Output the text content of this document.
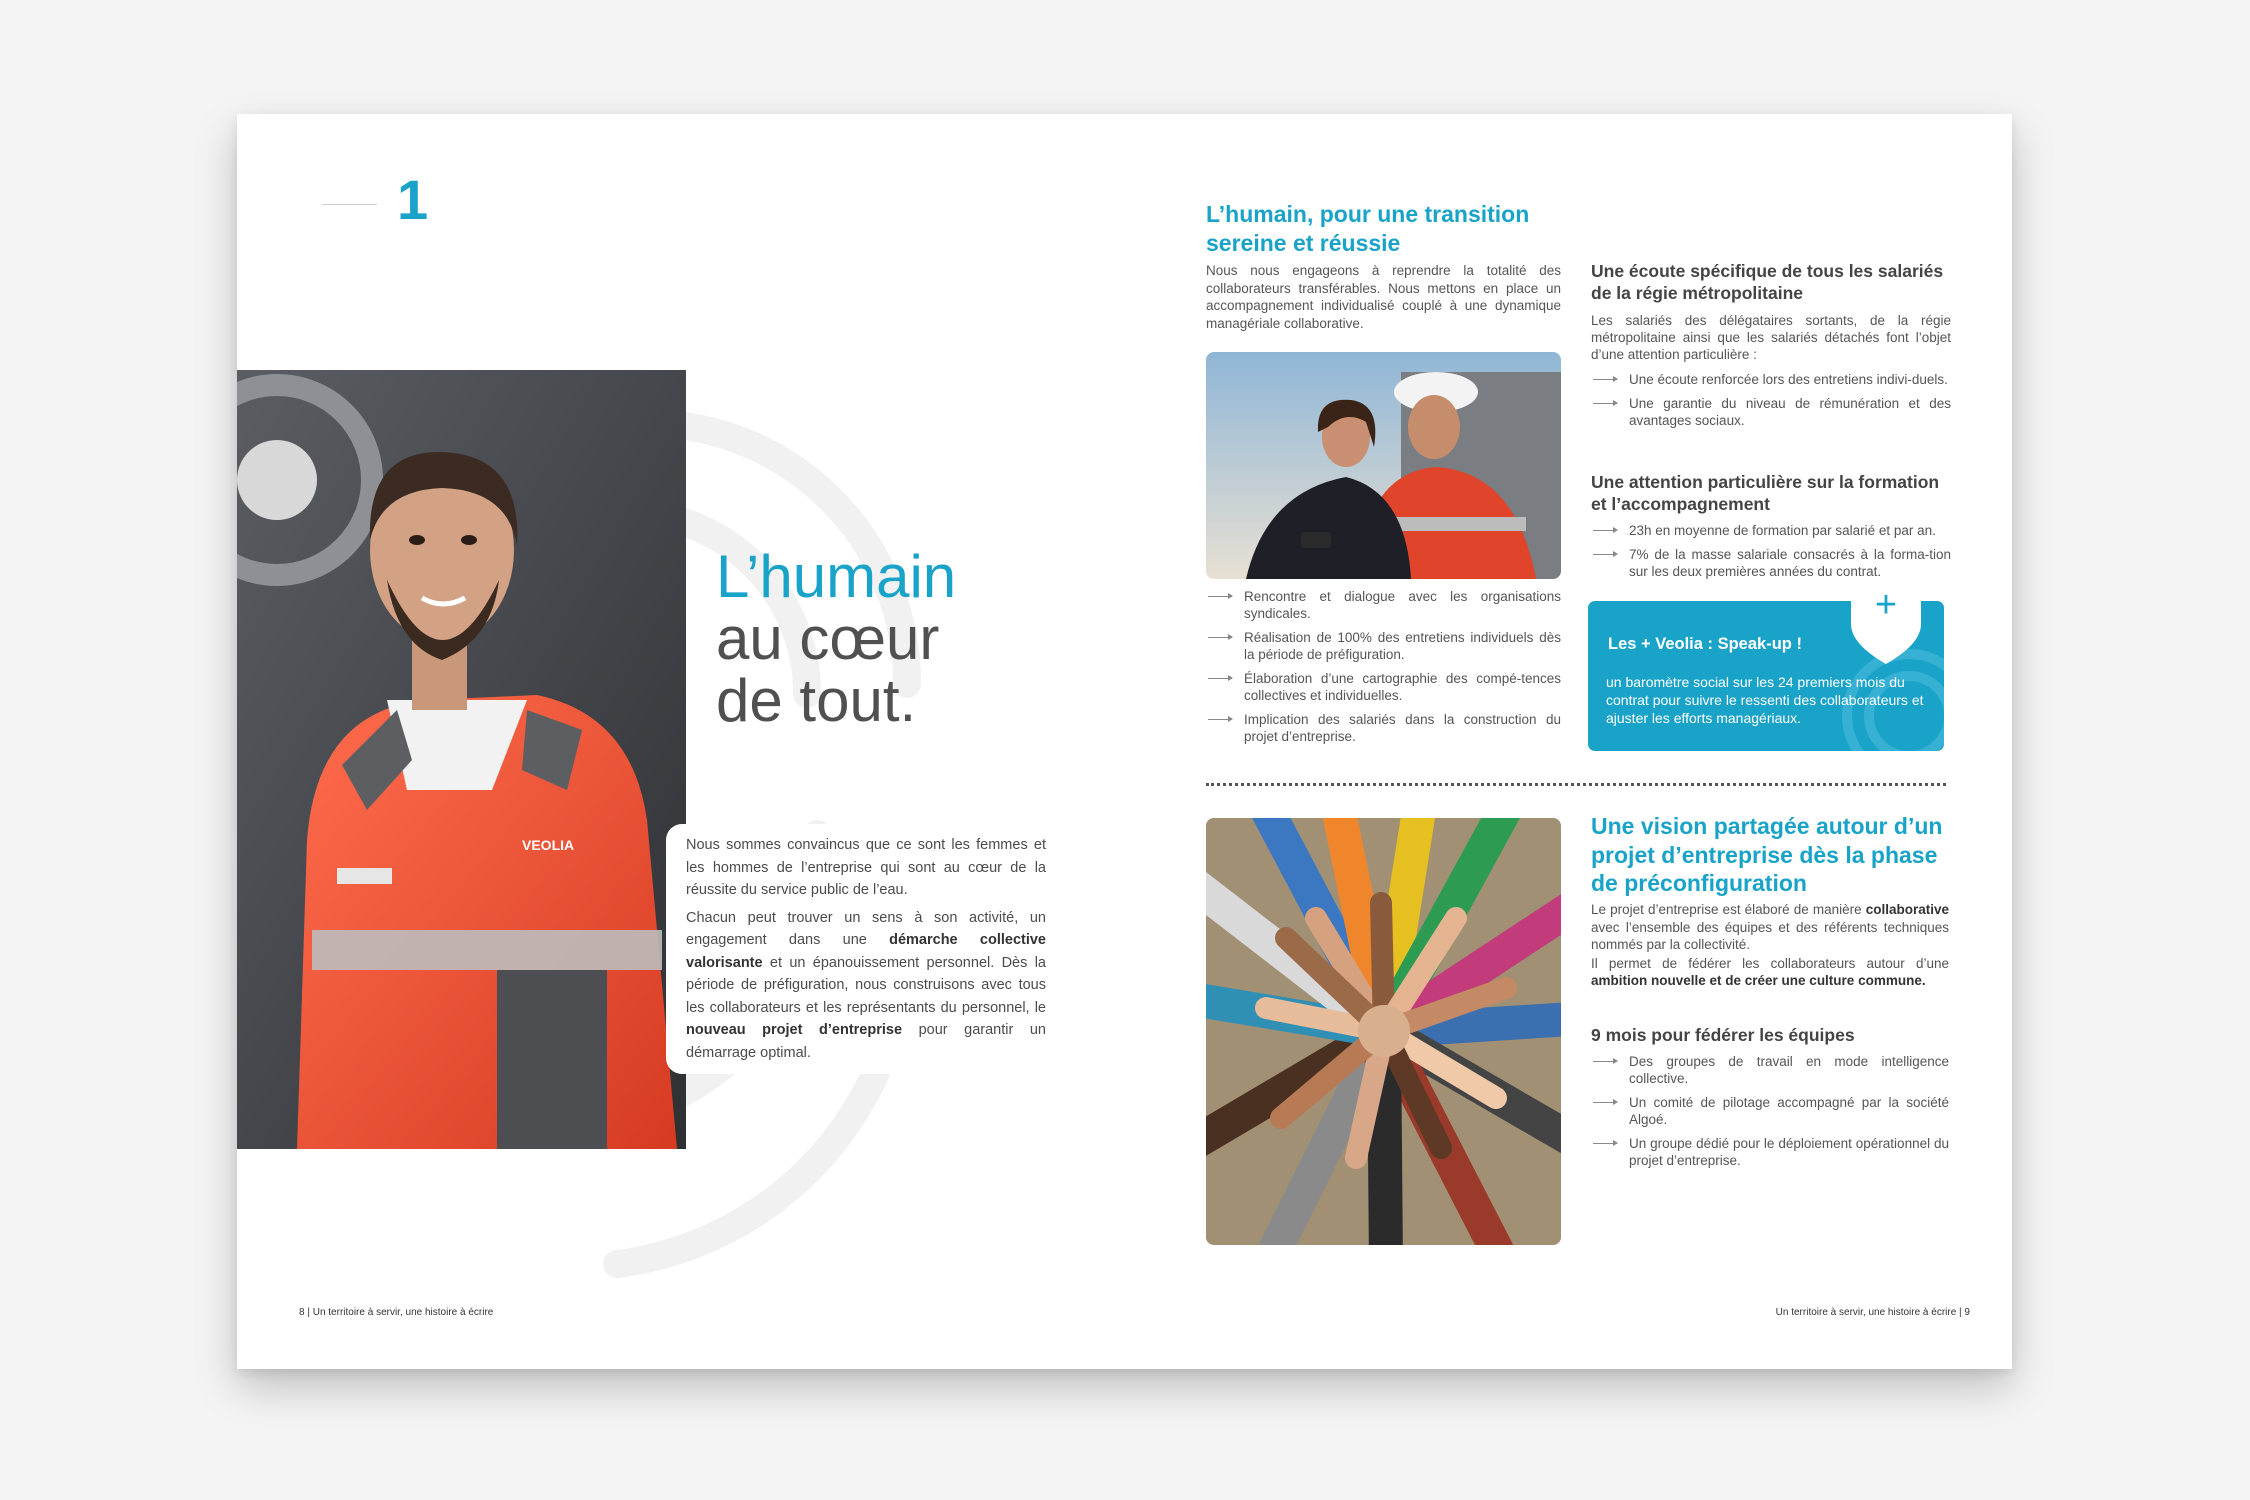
1
VEOLIA
L’humain
au cœur
de tout.

Nous sommes convaincus que ce sont les femmes et les hommes de l’entreprise qui sont au cœur de la réussite du service public de l’eau.

Chacun peut trouver un sens à son activité, un engagement dans une démarche collective valorisante et un épanouissement personnel. Dès la période de préfiguration, nous construisons avec tous les collaborateurs et les représentants du personnel, le nouveau projet d’entreprise pour garantir un démarrage optimal.

8 | Un territoire à servir, une histoire à écrire
L’humain, pour une transition sereine et réussie

Nous nous engageons à reprendre la totalité des collaborateurs transférables. Nous mettons en place un accompagnement individualisé couplé à une dynamique managériale collaborative.

Rencontre et dialogue avec les organisations syndicales.
Réalisation de 100% des entretiens individuels dès la période de préfiguration.
Élaboration d’une cartographie des compé-tences collectives et individuelles.
Implication des salariés dans la construction du projet d’entreprise.
Une écoute spécifique de tous les salariés de la régie métropolitaine

Les salariés des délégataires sortants, de la régie métropolitaine ainsi que les salariés détachés font l’objet d’une attention particulière :

Une écoute renforcée lors des entretiens indivi-duels.
Une garantie du niveau de rémunération et des avantages sociaux.
Une attention particulière sur la formation et l’accompagnement
23h en moyenne de formation par salarié et par an.
7% de la masse salariale consacrés à la forma-tion sur les deux premières années du contrat.
Les + Veolia : Speak-up !
un baromètre social sur les 24 premiers mois du contrat pour suivre le ressenti des collaborateurs et ajuster les efforts managériaux.
+
Une vision partagée autour d’un projet d’entreprise dès la phase de préconfiguration

Le projet d’entreprise est élaboré de manière collaborative avec l’ensemble des équipes et des référents techniques nommés par la collectivité.

Il permet de fédérer les collaborateurs autour d’une ambition nouvelle et de créer une culture commune.

9 mois pour fédérer les équipes
Des groupes de travail en mode intelligence collective.
Un comité de pilotage accompagné par la société Algoé.
Un groupe dédié pour le déploiement opérationnel du projet d’entreprise.
Un territoire à servir, une histoire à écrire | 9
